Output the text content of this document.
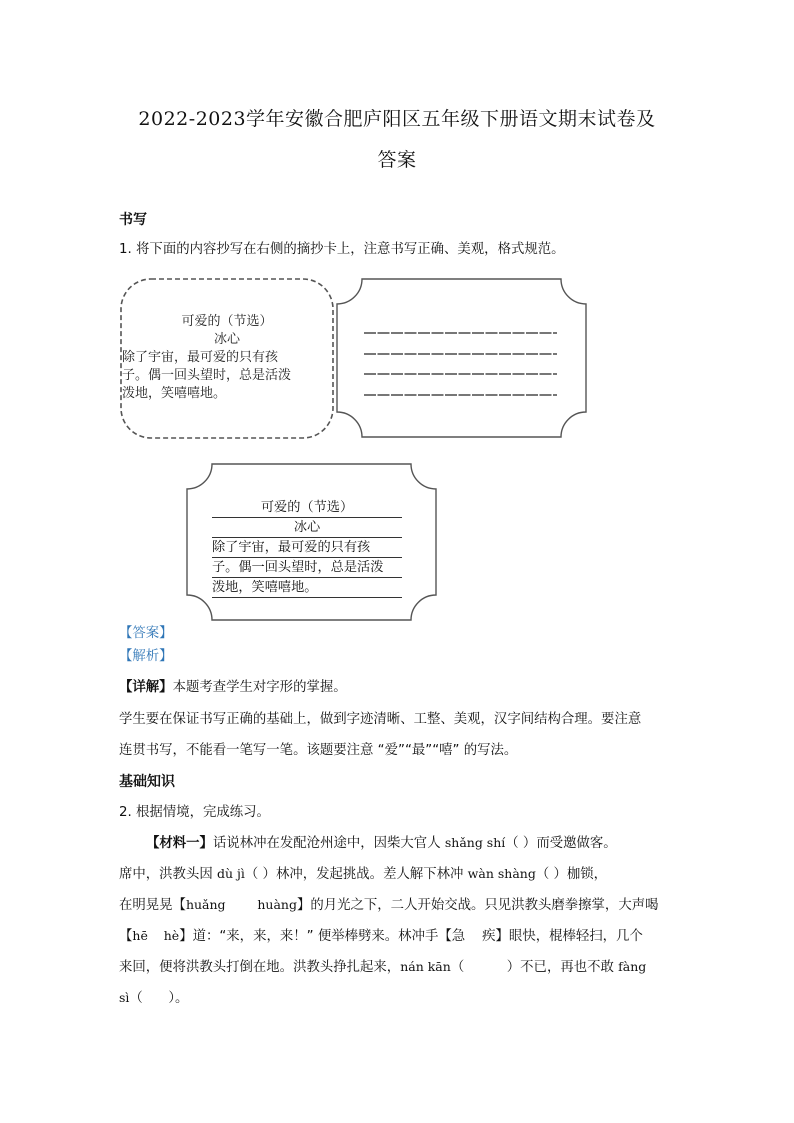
2022-2023学年安徽合肥庐阳区五年级下册语文期末试卷及
答案
书写
1. 将下面的内容抄写在右侧的摘抄卡上，注意书写正确、美观，格式规范。
可爱的（节选）
冰心
除了宇宙，最可爱的只有孩
子。偶一回头望时，总是活泼
泼地，笑嘻嘻地。
可爱的（节选）
冰心
除了宇宙，最可爱的只有孩
子。偶一回头望时，总是活泼
泼地，笑嘻嘻地。
【答案】
【解析】
【详解】本题考查学生对字形的掌握。
学生要在保证书写正确的基础上，做到字迹清晰、工整、美观，汉字间结构合理。要注意
连贯书写，不能看一笔写一笔。该题要注意 “爱”“最”“嘻” 的写法。
基础知识
2. 根据情境，完成练习。
【材料一】话说林冲在发配沧州途中，因柴大官人 shǎng shí（ ）而受邀做客。
席中，洪教头因 dù jì（ ）林冲，发起挑战。差人解下林冲 wàn shàng（ ）枷锁，
在明晃晃【huǎng        huàng】的月光之下，二人开始交战。只见洪教头磨拳擦掌，大声喝
【hē    hè】道：“来，来，来！” 便举棒劈来。林冲手【急    疾】眼快，棍棒轻扫，几个
来回，便将洪教头打倒在地。洪教头挣扎起来，nán kān（          ）不已，再也不敢 fàng
sì（      ）。
